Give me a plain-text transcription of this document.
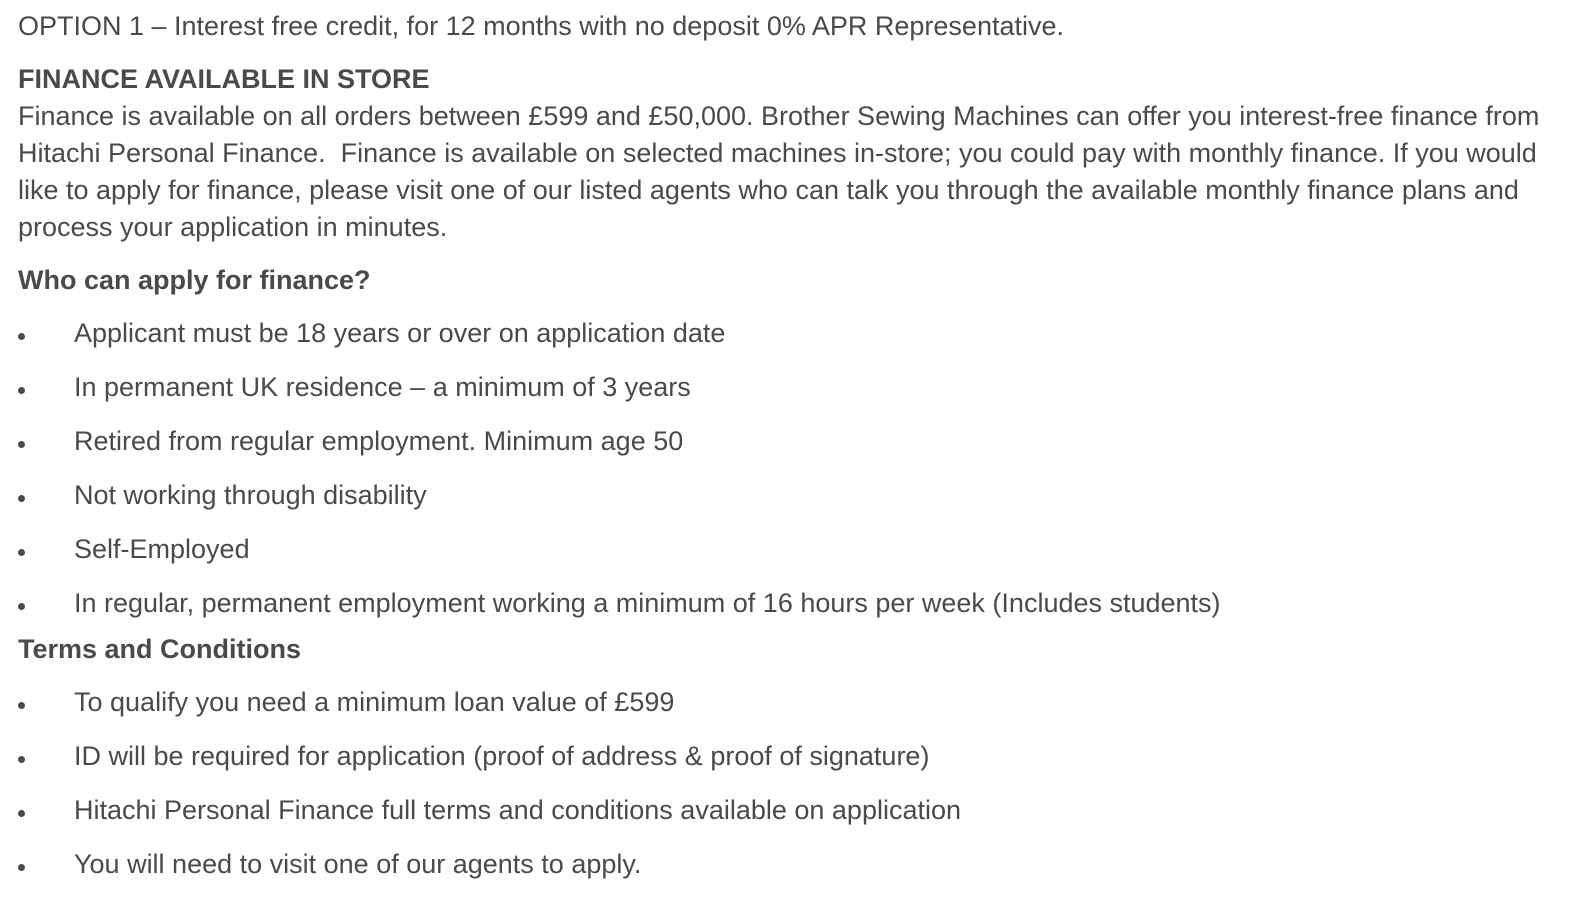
OPTION 1 – Interest free credit, for 12 months with no deposit 0% APR Representative.

FINANCE AVAILABLE IN STORE

Finance is available on all orders between £599 and £50,000. Brother Sewing Machines can offer you interest-free finance from Hitachi Personal Finance.  Finance is available on selected machines in-store; you could pay with monthly finance. If you would like to apply for finance, please visit one of our listed agents who can talk you through the available monthly finance plans and process your application in minutes.

Who can apply for finance?

Applicant must be 18 years or over on application date
In permanent UK residence – a minimum of 3 years
Retired from regular employment. Minimum age 50
Not working through disability
Self-Employed
In regular, permanent employment working a minimum of 16 hours per week (Includes students)

Terms and Conditions

To qualify you need a minimum loan value of £599
ID will be required for application (proof of address & proof of signature)
Hitachi Personal Finance full terms and conditions available on application
You will need to visit one of our agents to apply.
